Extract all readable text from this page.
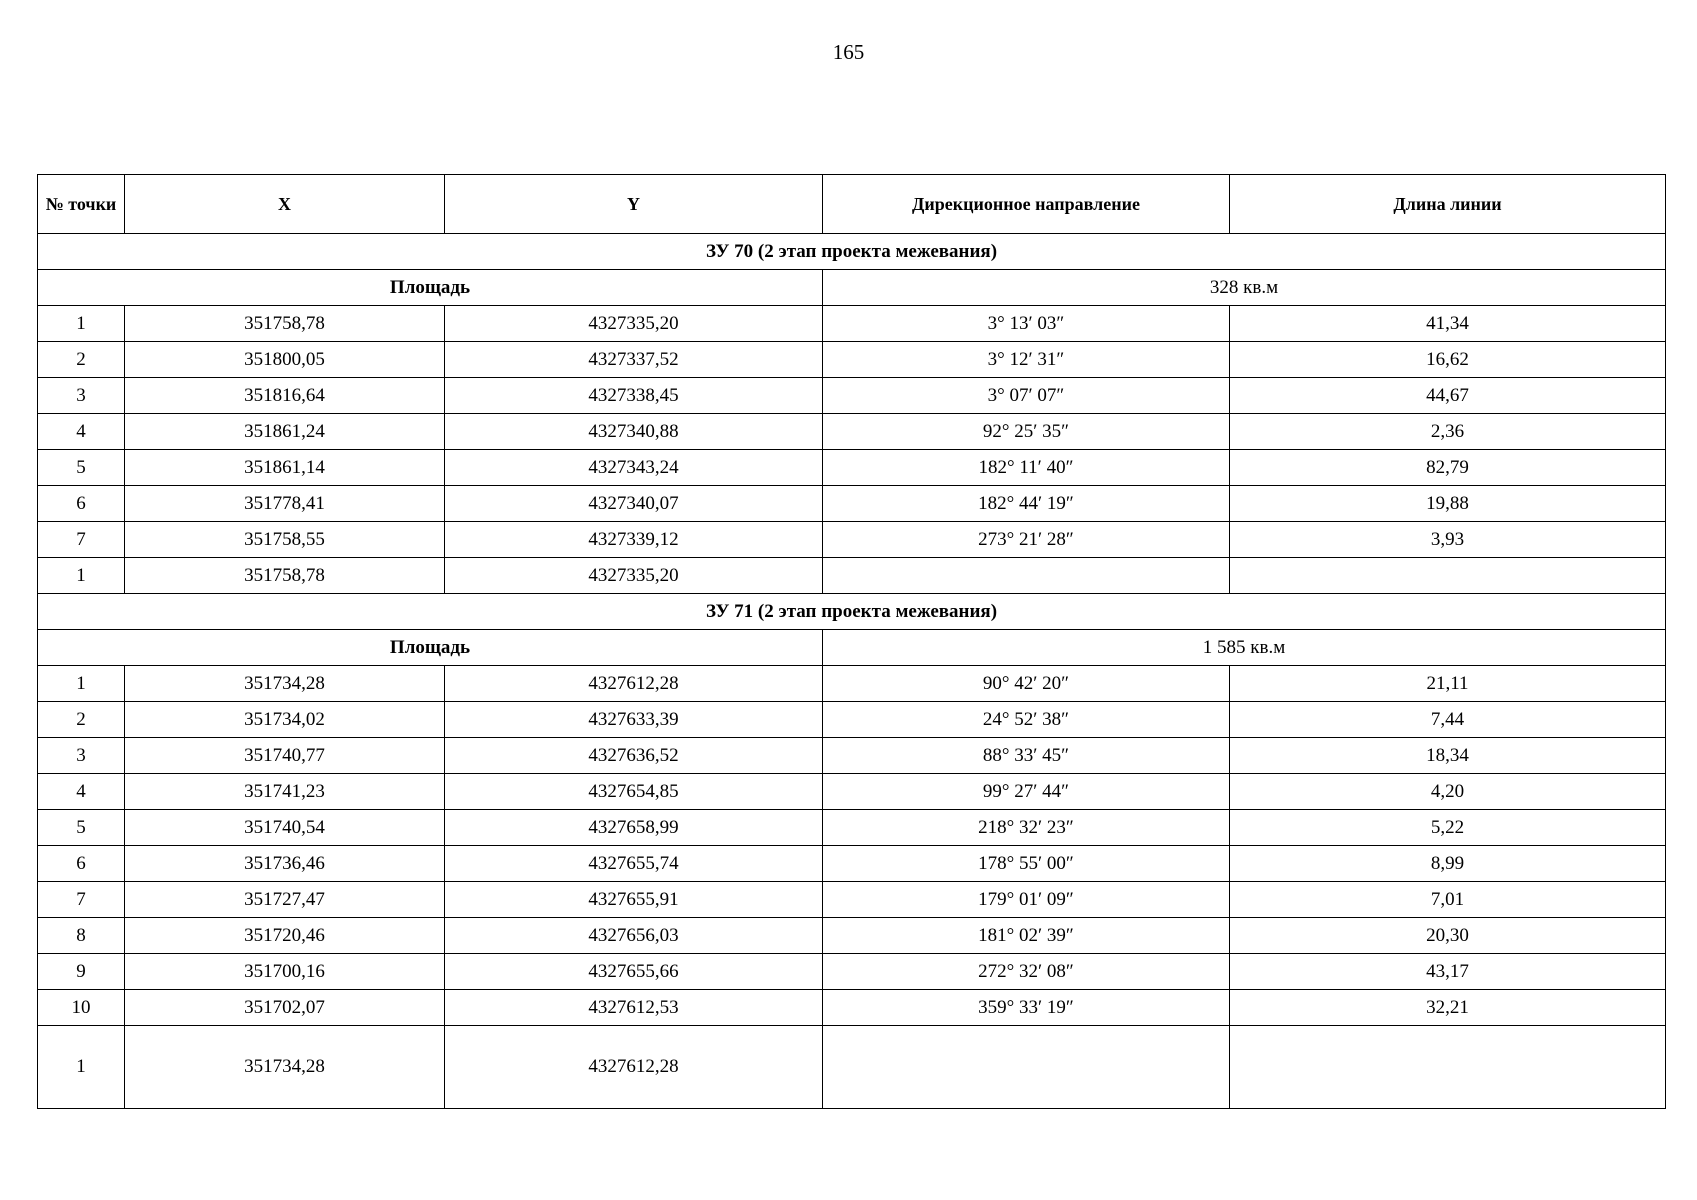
165
№ точки	X	Y	Дирекционное направление	Длина линии
ЗУ 70 (2 этап проекта межевания)				
Площадь			328 кв.м	
1	351758,78	4327335,20	3° 13′ 03″	41,34
2	351800,05	4327337,52	3° 12′ 31″	16,62
3	351816,64	4327338,45	3° 07′ 07″	44,67
4	351861,24	4327340,88	92° 25′ 35″	2,36
5	351861,14	4327343,24	182° 11′ 40″	82,79
6	351778,41	4327340,07	182° 44′ 19″	19,88
7	351758,55	4327339,12	273° 21′ 28″	3,93
1	351758,78	4327335,20		
ЗУ 71 (2 этап проекта межевания)				
Площадь			1 585 кв.м	
1	351734,28	4327612,28	90° 42′ 20″	21,11
2	351734,02	4327633,39	24° 52′ 38″	7,44
3	351740,77	4327636,52	88° 33′ 45″	18,34
4	351741,23	4327654,85	99° 27′ 44″	4,20
5	351740,54	4327658,99	218° 32′ 23″	5,22
6	351736,46	4327655,74	178° 55′ 00″	8,99
7	351727,47	4327655,91	179° 01′ 09″	7,01
8	351720,46	4327656,03	181° 02′ 39″	20,30
9	351700,16	4327655,66	272° 32′ 08″	43,17
10	351702,07	4327612,53	359° 33′ 19″	32,21
1	351734,28	4327612,28		
